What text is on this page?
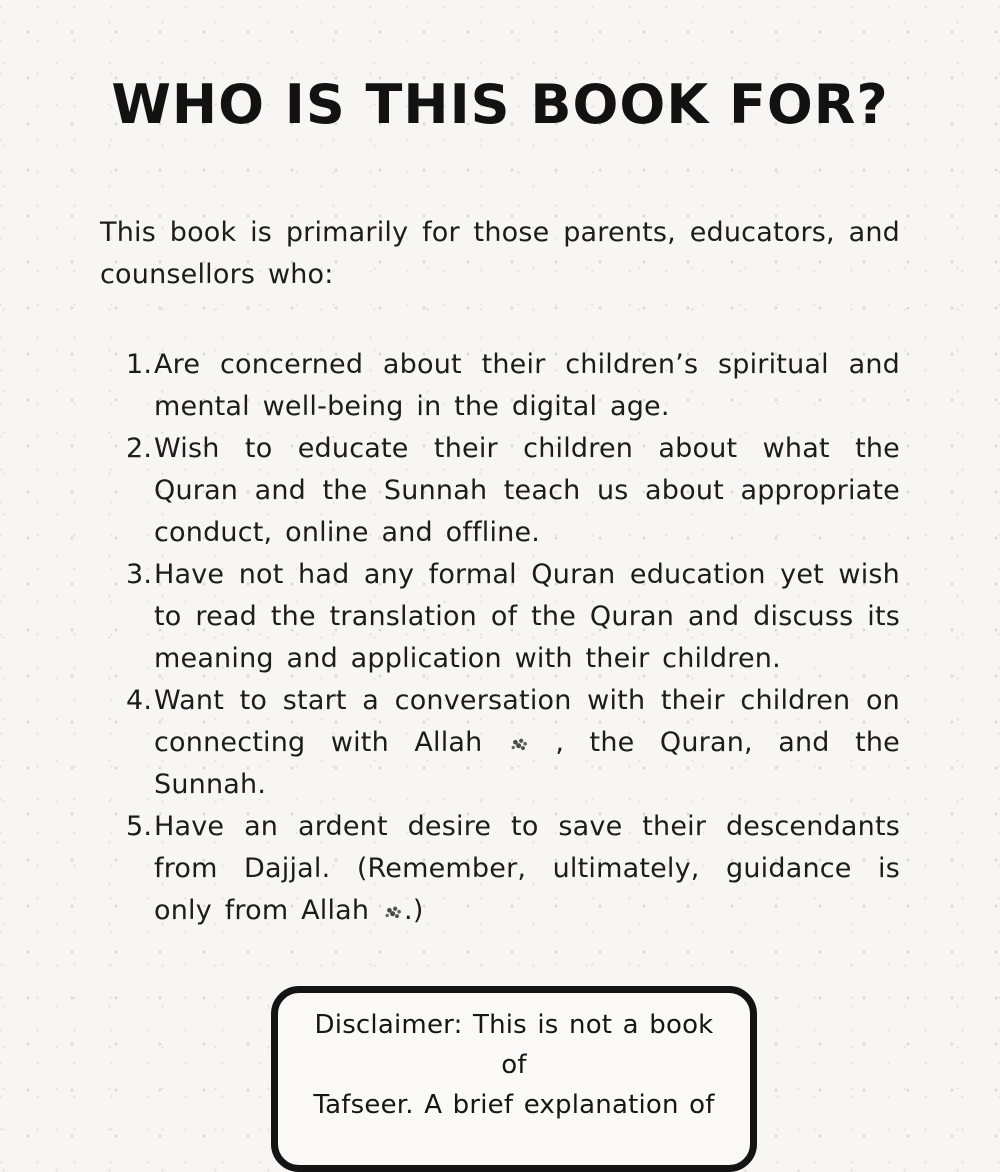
WHO IS THIS BOOK FOR?

This book is primarily for those parents, educators, and counsellors who:

1. Are concerned about their children’s spiritual and mental well-being in the digital age.
2. Wish to educate their children about what the Quran and the Sunnah teach us about appropriate conduct, online and offline.
3. Have not had any formal Quran education yet wish to read the translation of the Quran and discuss its meaning and application with their children.
4. Want to start a conversation with their children on connecting with Allah  , the Quran, and the Sunnah.
5. Have an ardent desire to save their descendants from Dajjal. (Remember, ultimately, guidance is only from Allah .)
Disclaimer: This is not a book of
Tafseer. A brief explanation of
